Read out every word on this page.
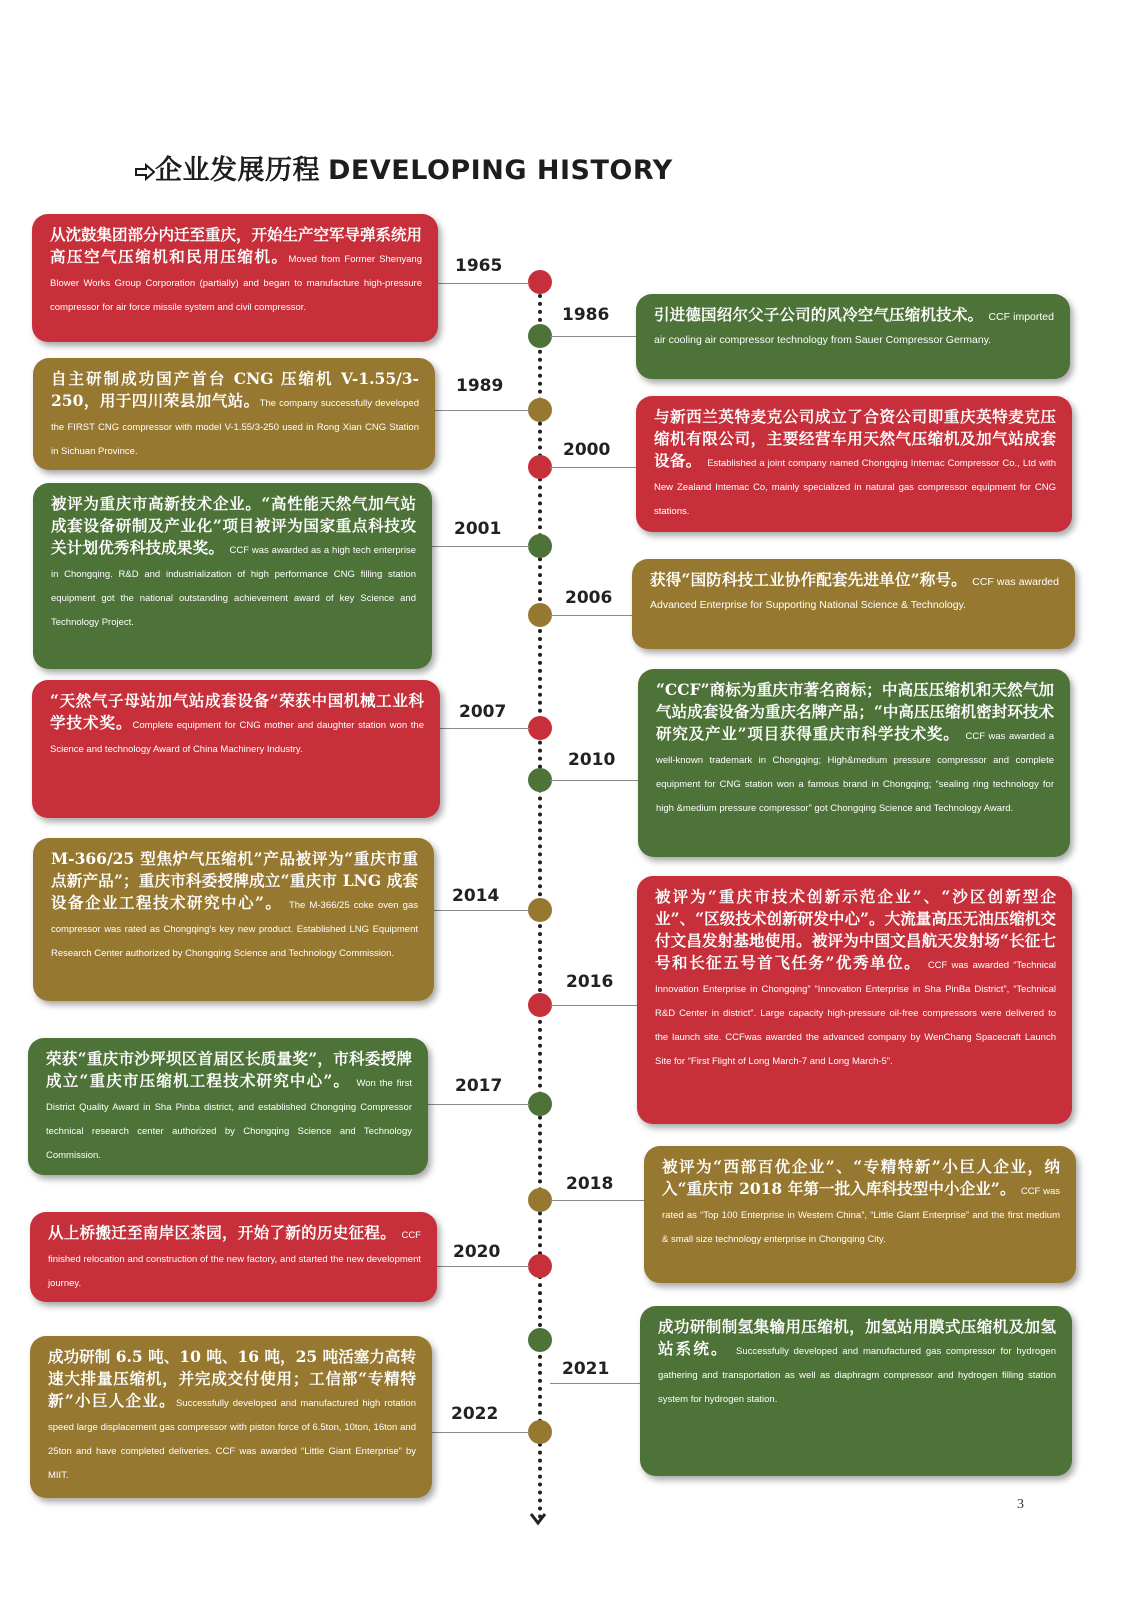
企业发展历程 DEVELOPING HISTORY
1965
1986
1989
2000
2001
2006
2007
2010
2014
2016
2017
2018
2020
2021
2022
从沈鼓集团部分内迁至重庆，开始生产空军导弹系统用高压空气压缩机和民用压缩机。Moved from Former Shenyang Blower Works Group Corporation (partially) and began to manufacture high-pressure compressor for air force missile system and civil compressor.
自主研制成功国产首台 CNG 压缩机 V-1.55/3-250，用于四川荣县加气站。The company successfully developed the FIRST CNG compressor with model V-1.55/3-250 used in Rong Xian CNG Station in Sichuan Province.
被评为重庆市高新技术企业。“高性能天然气加气站成套设备研制及产业化”项目被评为国家重点科技攻关计划优秀科技成果奖。 CCF was awarded as a high tech enterprise in Chongqing. R&D and industrialization of high performance CNG filling station equipment got the national outstanding achievement award of key Science and Technology Project.
“天然气子母站加气站成套设备”荣获中国机械工业科学技术奖。Complete equipment for CNG mother and daughter station won the Science and technology Award of China Machinery Industry.
M-366/25 型焦炉气压缩机”产品被评为“重庆市重点新产品”；重庆市科委授牌成立“重庆市 LNG 成套设备企业工程技术研究中心”。 The M-366/25 coke oven gas compressor was rated as Chongqing's key new product. Established LNG Equipment Research Center authorized by Chongqing Science and Technology Commission.
荣获“重庆市沙坪坝区首届区长质量奖”，市科委授牌成立“重庆市压缩机工程技术研究中心”。 Won the first District Quality Award in Sha Pinba district, and established Chongqing Compressor technical research center authorized by Chongqing Science and Technology Commission.
从上桥搬迁至南岸区茶园，开始了新的历史征程。 CCF finished relocation and construction of the new factory, and started the new development journey.
成功研制 6.5 吨、10 吨、16 吨，25 吨活塞力高转速大排量压缩机，并完成交付使用；工信部“专精特新”小巨人企业。Successfully developed and manufactured high rotation speed large displacement gas compressor with piston force of 6.5ton, 10ton, 16ton and 25ton and have completed deliveries. CCF was awarded “Little Giant Enterprise” by MIIT.
引进德国绍尔父子公司的风冷空气压缩机技术。 CCF imported air cooling air compressor technology from Sauer Compressor Germany.
与新西兰英特麦克公司成立了合资公司即重庆英特麦克压缩机有限公司，主要经营车用天然气压缩机及加气站成套设备。 Established a joint company named Chongqing Intemac Compressor Co., Ltd with New Zealand Intemac Co, mainly specialized in natural gas compressor equipment for CNG stations.
获得“国防科技工业协作配套先进单位”称号。 CCF was awarded Advanced Enterprise for Supporting National Science & Technology.
“CCF”商标为重庆市著名商标；中高压压缩机和天然气加气站成套设备为重庆名牌产品；“中高压压缩机密封环技术研究及产业”项目获得重庆市科学技术奖。 CCF was awarded a well-known trademark in Chongqing; High&medium pressure compressor and complete equipment for CNG station won a famous brand in Chongqing; “sealing ring technology for high &medium pressure compressor” got Chongqing Science and Technology Award.
被评为“重庆市技术创新示范企业”、“沙区创新型企业”、“区级技术创新研发中心”。大流量高压无油压缩机交付文昌发射基地使用。被评为中国文昌航天发射场“长征七号和长征五号首飞任务”优秀单位。 CCF was awarded “Technical Innovation Enterprise in Chongqing” “Innovation Enterprise in Sha PinBa District”, “Technical R&D Center in district”. Large capacity high-pressure oil-free compressors were delivered to the launch site. CCFwas awarded the advanced company by WenChang Spacecraft Launch Site for “First Flight of Long March-7 and Long March-5”.
被评为“西部百优企业”、“专精特新”小巨人企业，纳入“重庆市 2018 年第一批入库科技型中小企业”。 CCF was rated as “Top 100 Enterprise in Western China”, “Little Giant Enterprise” and the first medium & small size technology enterprise in Chongqing City.
成功研制制氢集输用压缩机，加氢站用膜式压缩机及加氢站系统。 Successfully developed and manufactured gas compressor for hydrogen gathering and transportation as well as diaphragm compressor and hydrogen filling station system for hydrogen station.
3
